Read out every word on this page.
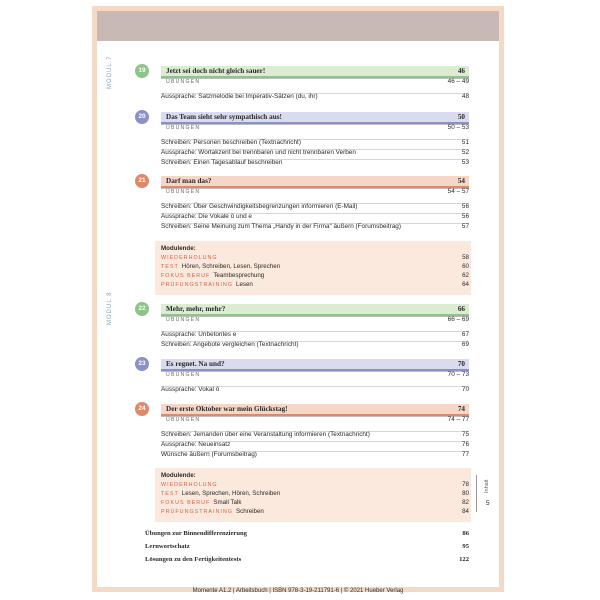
MODUL 7
MODUL 8
19	Jetzt sei doch nicht gleich sauer!	46
ÜBUNGEN	46 – 49
Aussprache: Satzmelodie bei Imperativ-Sätzen (du, ihr)	48
20	Das Team sieht sehr sympathisch aus!	50
ÜBUNGEN	50 – 53
Schreiben: Personen beschreiben (Textnachricht)	51
Aussprache: Wortakzent bei trennbaren und nicht trennbaren Verben	52
Schreiben: Einen Tagesablauf beschreiben	53
21	Darf man das?	54
ÜBUNGEN	54 – 57
Schreiben: Über Geschwindigkeitsbegrenzungen informieren (E-Mail)	56
Aussprache: Die Vokale ö und e	56
Schreiben: Seine Meinung zum Thema „Handy in der Firma“ äußern (Forumsbeitrag)	57
22	Mehr, mehr, mehr?	66
ÜBUNGEN	66 – 69
Aussprache: Unbetontes e	67
Schreiben: Angebote vergleichen (Textnachricht)	69
23	Es regnet. Na und?	70
ÜBUNGEN	70 – 73
Aussprache: Vokal ö	70
24	Der erste Oktober war mein Glückstag!	74
ÜBUNGEN	74 – 77
Schreiben: Jemanden über eine Veranstaltung informieren (Textnachricht)	75
Aussprache: Neueinsatz	76
Wünsche äußern (Forumsbeitrag)	77
Modulende:
WIEDERHOLUNG	58
TEST Hören, Schreiben, Lesen, Sprechen	60
FOKUS BERUF Teambesprechung	62
PRÜFUNGSTRAINING Lesen	64
Modulende:
WIEDERHOLUNG	78
TEST Lesen, Sprechen, Hören, Schreiben	80
FOKUS BERUF Small Talk	82
PRÜFUNGSTRAINING Schreiben	84
Übungen zur Binnendifferenzierung	86
Lernwortschatz	95
Lösungen zu den Fertigkeitentests	122
Momente A1.2 | Arbeitsbuch | ISBN 978-3-19-211791-6 | © 2021 Hueber Verlag
Inhalt
5
